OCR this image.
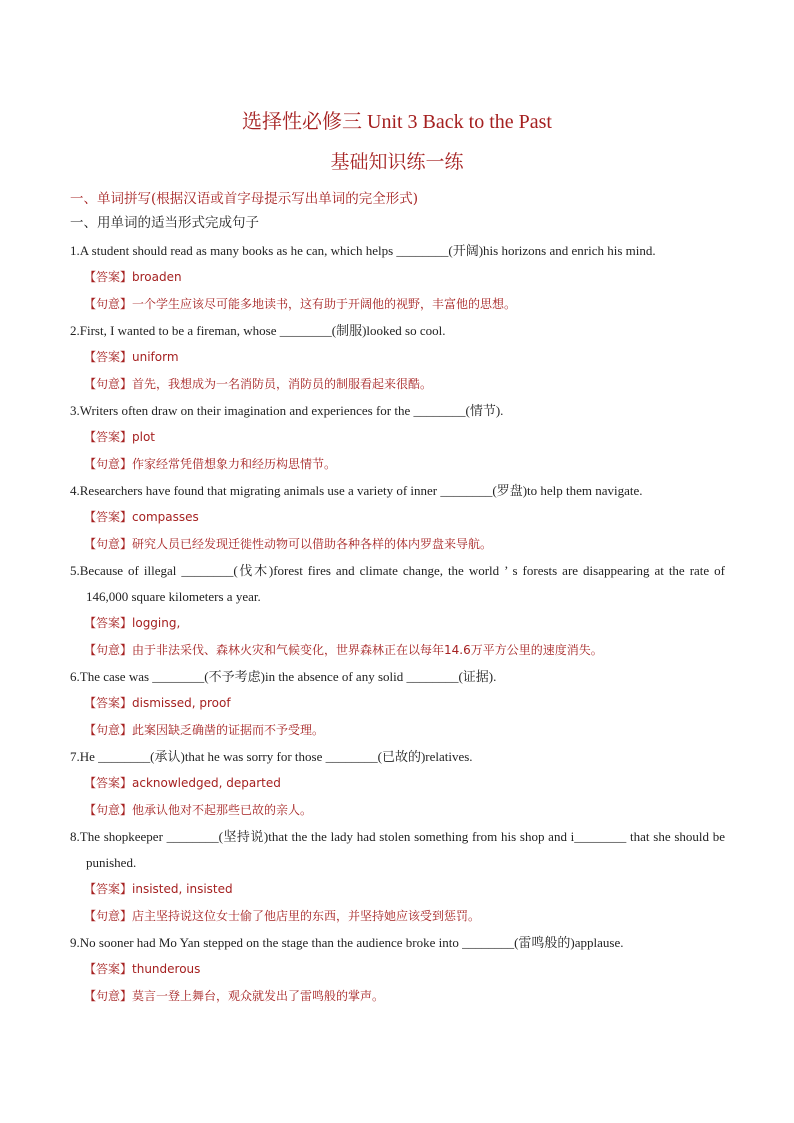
选择性必修三 Unit 3 Back to the Past
基础知识练一练
一、单词拼写(根据汉语或首字母提示写出单词的完全形式)
一、用单词的适当形式完成句子
1.A student should read as many books as he can, which helps ________(开阔)his horizons and enrich his mind.
【答案】broaden
【句意】一个学生应该尽可能多地读书，这有助于开阔他的视野，丰富他的思想。
2.First, I wanted to be a fireman, whose ________(制服)looked so cool.
【答案】uniform
【句意】首先，我想成为一名消防员，消防员的制服看起来很酷。
3.Writers often draw on their imagination and experiences for the ________(情节).
【答案】plot
【句意】作家经常凭借想象力和经历构思情节。
4.Researchers have found that migrating animals use a variety of inner ________(罗盘)to help them navigate.
【答案】compasses
【句意】研究人员已经发现迁徙性动物可以借助各种各样的体内罗盘来导航。
5.Because of illegal ________(伐木)forest fires and climate change, the world ’ s forests are disappearing at the rate of 146,000 square kilometers a year.
【答案】logging,
【句意】由于非法采伐、森林火灾和气候变化，世界森林正在以每年14.6万平方公里的速度消失。
6.The case was ________(不予考虑)in the absence of any solid ________(证据).
【答案】dismissed, proof
【句意】此案因缺乏确凿的证据而不予受理。
7.He ________(承认)that he was sorry for those ________(已故的)relatives.
【答案】acknowledged, departed
【句意】他承认他对不起那些已故的亲人。
8.The shopkeeper ________(坚持说)that the the lady had stolen something from his shop and i________ that she should be punished.
【答案】insisted, insisted
【句意】店主坚持说这位女士偷了他店里的东西，并坚持她应该受到惩罚。
9.No sooner had Mo Yan stepped on the stage than the audience broke into ________(雷鸣般的)applause.
【答案】thunderous
【句意】莫言一登上舞台，观众就发出了雷鸣般的掌声。
